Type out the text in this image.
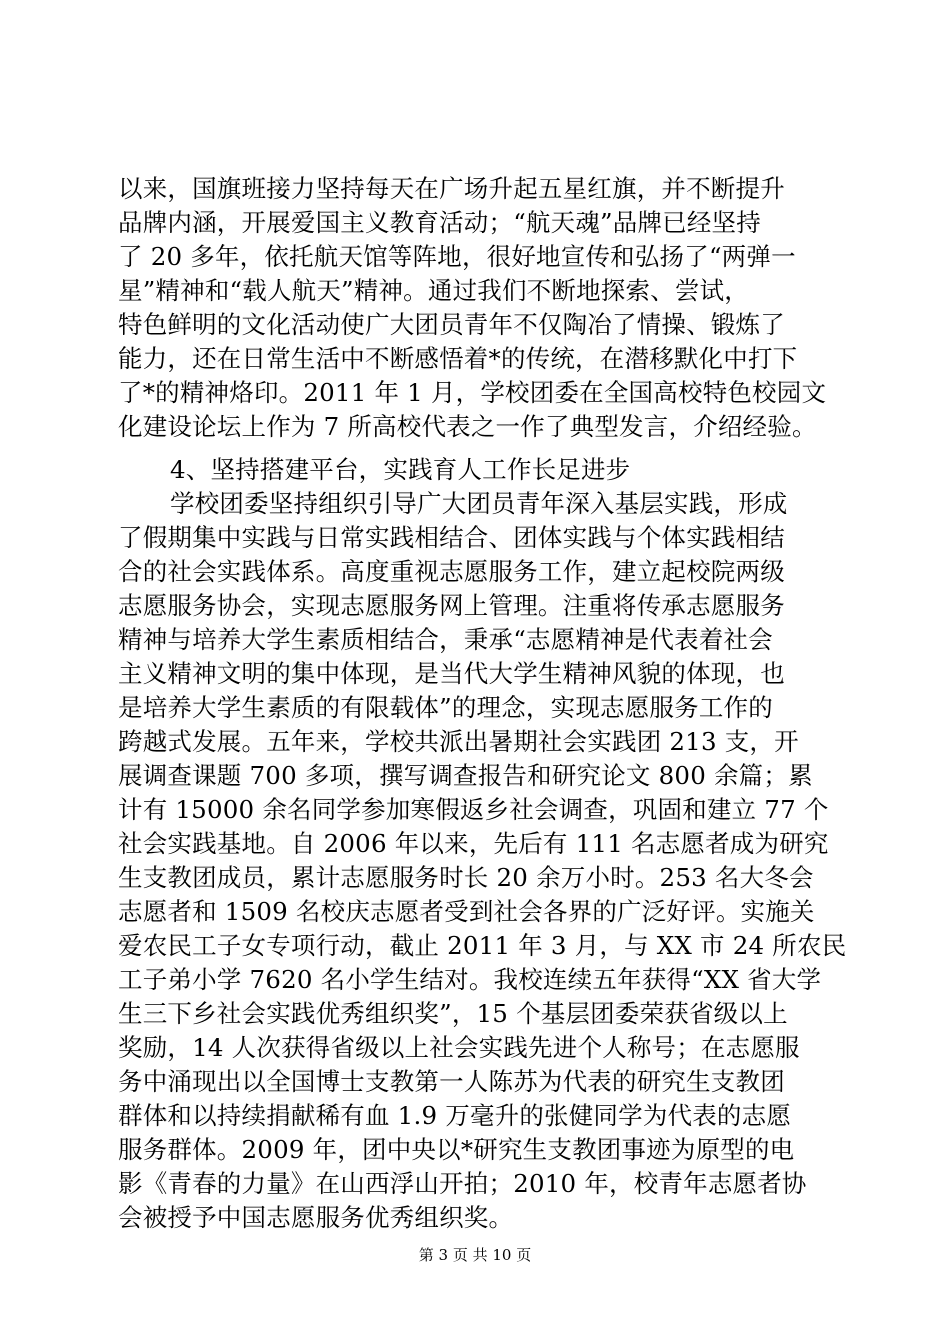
以来，国旗班接力坚持每天在广场升起五星红旗，并不断提升
品牌内涵，开展爱国主义教育活动；“航天魂”品牌已经坚持
了 20 多年，依托航天馆等阵地，很好地宣传和弘扬了“两弹一
星”精神和“载人航天”精神。通过我们不断地探索、尝试，
特色鲜明的文化活动使广大团员青年不仅陶冶了情操、锻炼了
能力，还在日常生活中不断感悟着*的传统，在潜移默化中打下
了*的精神烙印。2011 年 1 月，学校团委在全国高校特色校园文
化建设论坛上作为 7 所高校代表之一作了典型发言，介绍经验。
4、坚持搭建平台，实践育人工作长足进步
学校团委坚持组织引导广大团员青年深入基层实践，形成
了假期集中实践与日常实践相结合、团体实践与个体实践相结
合的社会实践体系。高度重视志愿服务工作，建立起校院两级
志愿服务协会，实现志愿服务网上管理。注重将传承志愿服务
精神与培养大学生素质相结合，秉承“志愿精神是代表着社会
主义精神文明的集中体现，是当代大学生精神风貌的体现，也
是培养大学生素质的有限载体”的理念，实现志愿服务工作的
跨越式发展。五年来，学校共派出暑期社会实践团 213 支，开
展调查课题 700 多项，撰写调查报告和研究论文 800 余篇；累
计有 15000 余名同学参加寒假返乡社会调查，巩固和建立 77 个
社会实践基地。自 2006 年以来，先后有 111 名志愿者成为研究
生支教团成员，累计志愿服务时长 20 余万小时。253 名大冬会
志愿者和 1509 名校庆志愿者受到社会各界的广泛好评。实施关
爱农民工子女专项行动，截止 2011 年 3 月，与 XX 市 24 所农民
工子弟小学 7620 名小学生结对。我校连续五年获得“XX 省大学
生三下乡社会实践优秀组织奖”，15 个基层团委荣获省级以上
奖励，14 人次获得省级以上社会实践先进个人称号；在志愿服
务中涌现出以全国博士支教第一人陈苏为代表的研究生支教团
群体和以持续捐献稀有血 1.9 万毫升的张健同学为代表的志愿
服务群体。2009 年，团中央以*研究生支教团事迹为原型的电
影《青春的力量》在山西浮山开拍；2010 年，校青年志愿者协
会被授予中国志愿服务优秀组织奖。
第 3 页 共 10 页
